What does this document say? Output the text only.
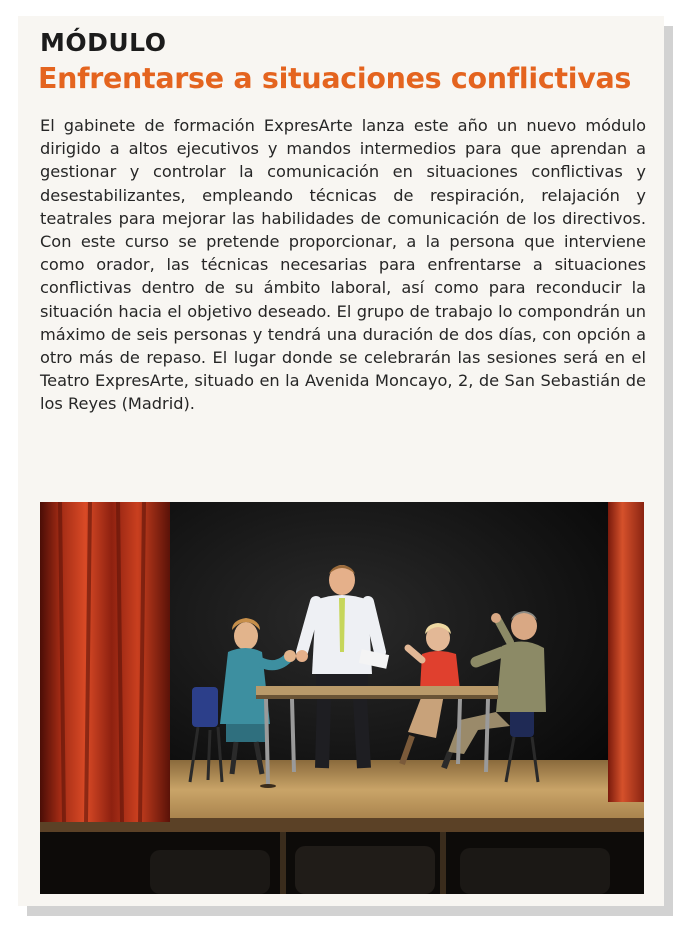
MÓDULO
Enfrentarse a situaciones conflictivas

El gabinete de formación ExpresArte lanza este año un nuevo módulo dirigido a altos ejecutivos y mandos intermedios para que aprendan a gestionar y controlar la comunicación en situaciones conflictivas y desestabilizantes, empleando técnicas de respiración, relajación y teatrales para mejorar las habilidades de comunicación de los directivos. Con este curso se pretende proporcionar, a la persona que interviene como orador, las técnicas necesarias para enfrentarse a situaciones conflictivas dentro de su ámbito laboral, así como para reconducir la situación hacia el objetivo deseado. El grupo de trabajo lo compondrán un máximo de seis personas y tendrá una duración de dos días, con opción a otro más de repaso. El lugar donde se celebrarán las sesiones será en el Teatro ExpresArte, situado en la Avenida Moncayo, 2, de San Sebastián de los Reyes (Madrid).
